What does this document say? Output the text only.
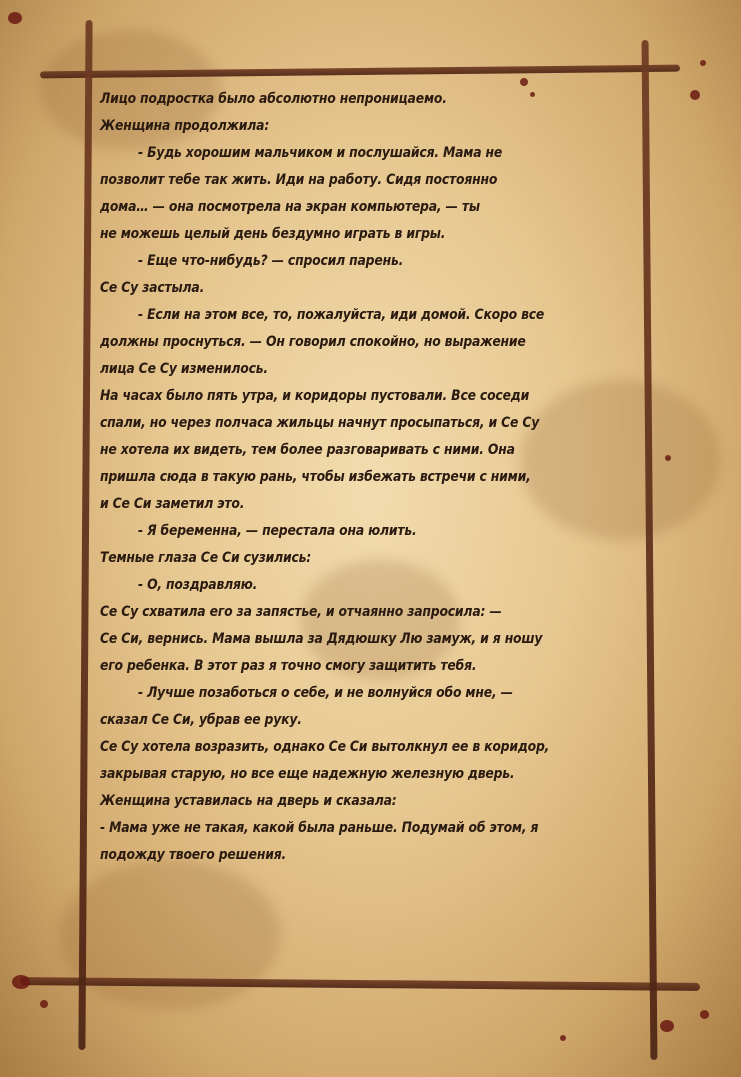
Лицо подростка было абсолютно непроницаемо.
Женщина продолжила:
- Будь хорошим мальчиком и послушайся. Мама не
позволит тебе так жить. Иди на работу. Сидя постоянно
дома… — она посмотрела на экран компьютера, — ты
не можешь целый день бездумно играть в игры.
- Еще что-нибудь? — спросил парень.
Се Су застыла.
- Если на этом все, то, пожалуйста, иди домой. Скоро все
должны проснуться. — Он говорил спокойно, но выражение
лица Се Су изменилось.
На часах было пять утра, и коридоры пустовали. Все соседи
спали, но через полчаса жильцы начнут просыпаться, и Се Су
не хотела их видеть, тем более разговаривать с ними. Она
пришла сюда в такую рань, чтобы избежать встречи с ними,
и Се Си заметил это.
- Я беременна, — перестала она юлить.
Темные глаза Се Си сузились:
- О, поздравляю.
Се Су схватила его за запястье, и отчаянно запросила: —
Се Си, вернись. Мама вышла за Дядюшку Лю замуж, и я ношу
его ребенка. В этот раз я точно смогу защитить тебя.
- Лучше позаботься о себе, и не волнуйся обо мне, —
сказал Се Си, убрав ее руку.
Се Су хотела возразить, однако Се Си вытолкнул ее в коридор,
закрывая старую, но все еще надежную железную дверь.
Женщина уставилась на дверь и сказала:
- Мама уже не такая, какой была раньше. Подумай об этом, я
подожду твоего решения.
